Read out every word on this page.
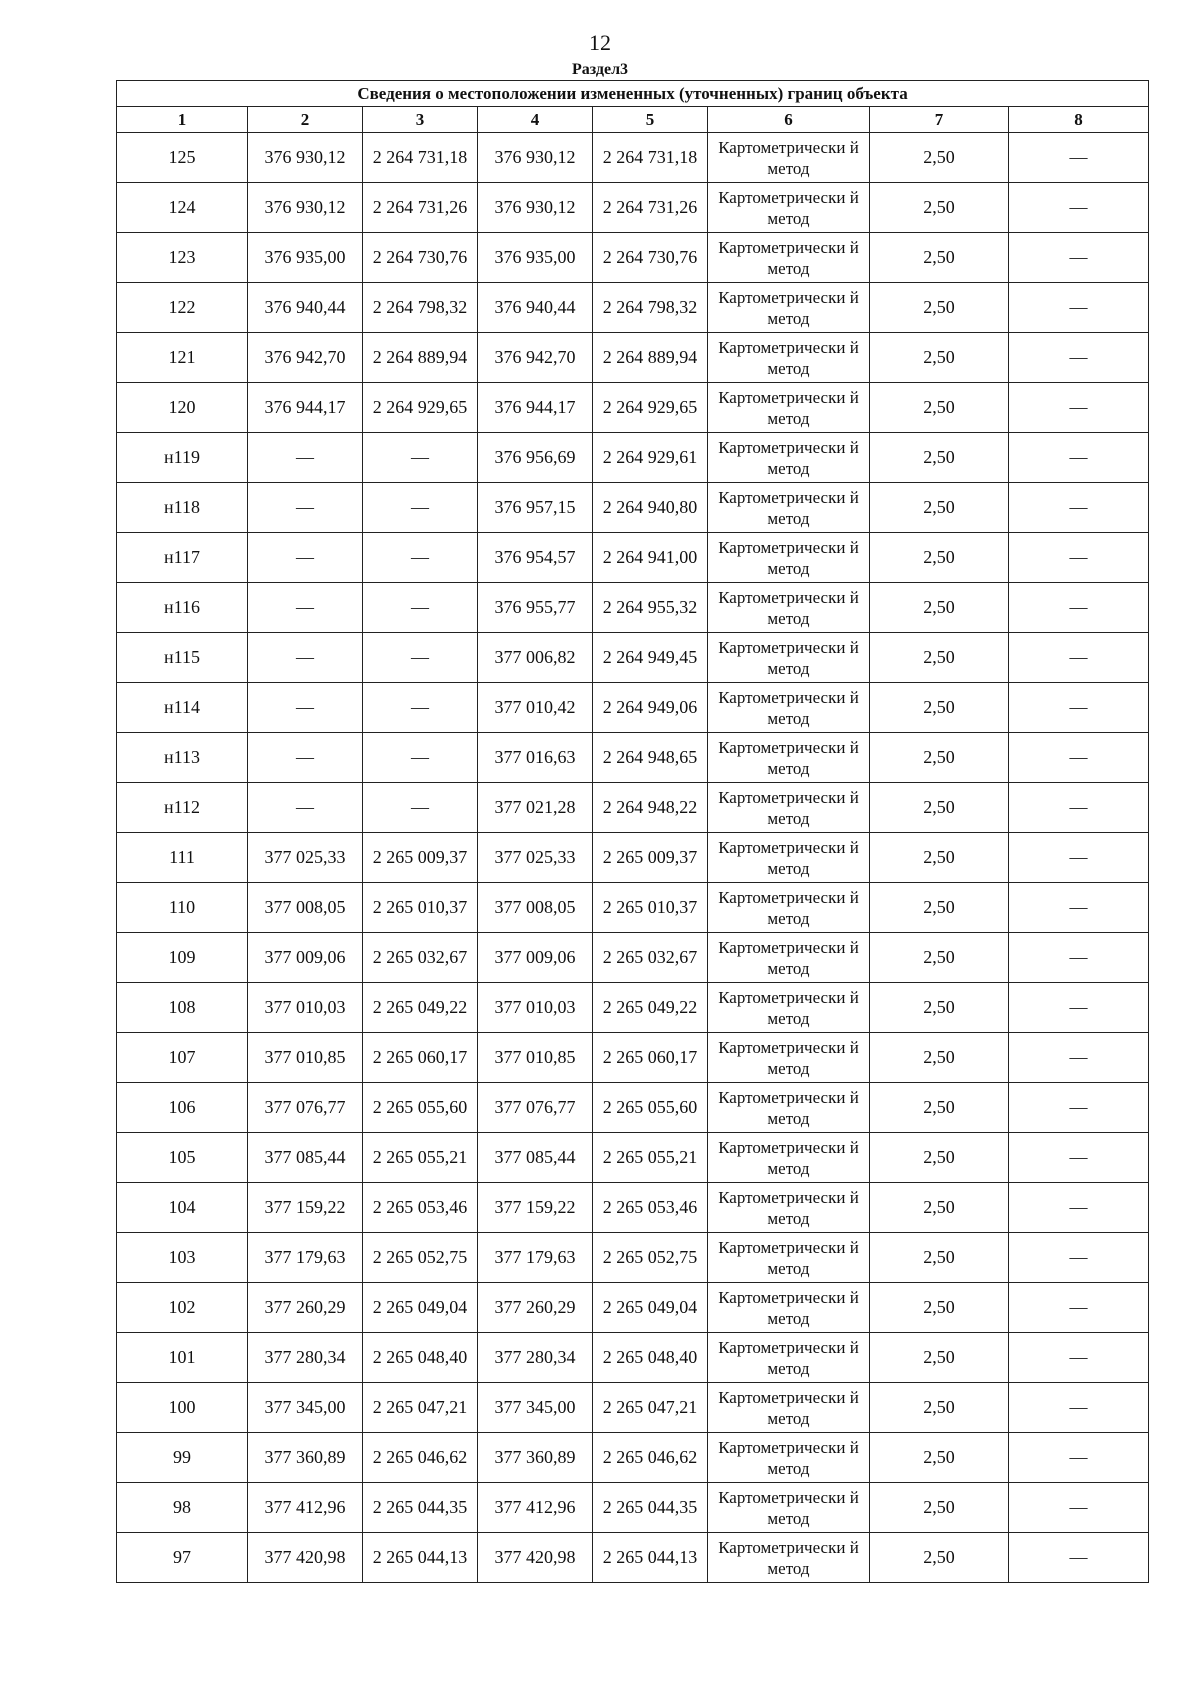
12
Раздел3
Сведения о местоположении измененных (уточненных) границ объекта							
1	2	3	4	5	6	7	8
125	376 930,12	2 264 731,18	376 930,12	2 264 731,18	Картометрически й метод	2,50	—
124	376 930,12	2 264 731,26	376 930,12	2 264 731,26	Картометрически й метод	2,50	—
123	376 935,00	2 264 730,76	376 935,00	2 264 730,76	Картометрически й метод	2,50	—
122	376 940,44	2 264 798,32	376 940,44	2 264 798,32	Картометрически й метод	2,50	—
121	376 942,70	2 264 889,94	376 942,70	2 264 889,94	Картометрически й метод	2,50	—
120	376 944,17	2 264 929,65	376 944,17	2 264 929,65	Картометрически й метод	2,50	—
н119	—	—	376 956,69	2 264 929,61	Картометрически й метод	2,50	—
н118	—	—	376 957,15	2 264 940,80	Картометрически й метод	2,50	—
н117	—	—	376 954,57	2 264 941,00	Картометрически й метод	2,50	—
н116	—	—	376 955,77	2 264 955,32	Картометрически й метод	2,50	—
н115	—	—	377 006,82	2 264 949,45	Картометрически й метод	2,50	—
н114	—	—	377 010,42	2 264 949,06	Картометрически й метод	2,50	—
н113	—	—	377 016,63	2 264 948,65	Картометрически й метод	2,50	—
н112	—	—	377 021,28	2 264 948,22	Картометрически й метод	2,50	—
111	377 025,33	2 265 009,37	377 025,33	2 265 009,37	Картометрически й метод	2,50	—
110	377 008,05	2 265 010,37	377 008,05	2 265 010,37	Картометрически й метод	2,50	—
109	377 009,06	2 265 032,67	377 009,06	2 265 032,67	Картометрически й метод	2,50	—
108	377 010,03	2 265 049,22	377 010,03	2 265 049,22	Картометрически й метод	2,50	—
107	377 010,85	2 265 060,17	377 010,85	2 265 060,17	Картометрически й метод	2,50	—
106	377 076,77	2 265 055,60	377 076,77	2 265 055,60	Картометрически й метод	2,50	—
105	377 085,44	2 265 055,21	377 085,44	2 265 055,21	Картометрически й метод	2,50	—
104	377 159,22	2 265 053,46	377 159,22	2 265 053,46	Картометрически й метод	2,50	—
103	377 179,63	2 265 052,75	377 179,63	2 265 052,75	Картометрически й метод	2,50	—
102	377 260,29	2 265 049,04	377 260,29	2 265 049,04	Картометрически й метод	2,50	—
101	377 280,34	2 265 048,40	377 280,34	2 265 048,40	Картометрически й метод	2,50	—
100	377 345,00	2 265 047,21	377 345,00	2 265 047,21	Картометрически й метод	2,50	—
99	377 360,89	2 265 046,62	377 360,89	2 265 046,62	Картометрически й метод	2,50	—
98	377 412,96	2 265 044,35	377 412,96	2 265 044,35	Картометрически й метод	2,50	—
97	377 420,98	2 265 044,13	377 420,98	2 265 044,13	Картометрически й метод	2,50	—
